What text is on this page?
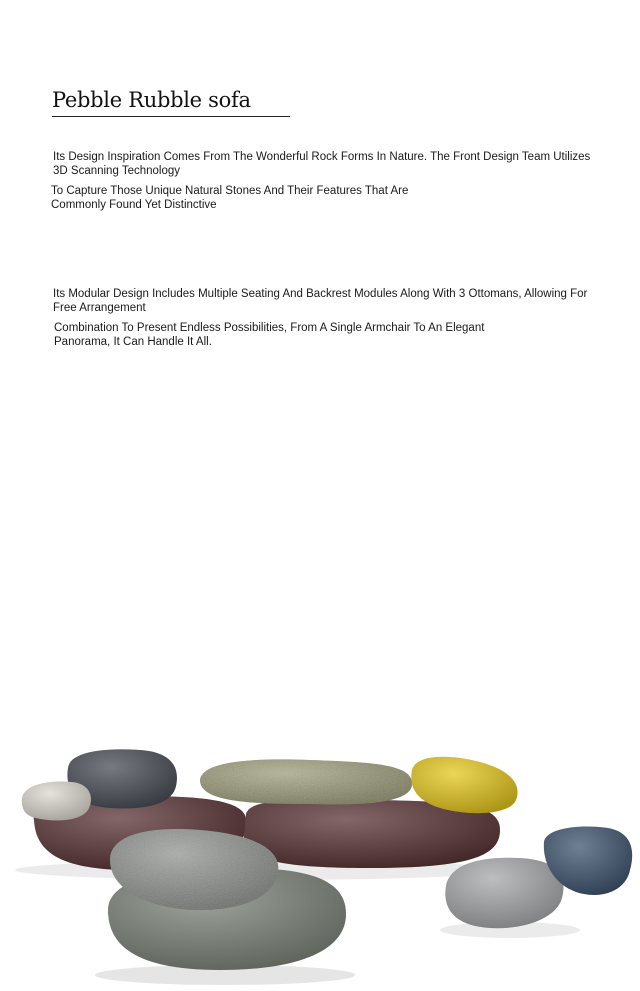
Pebble Rubble sofa

Its Design Inspiration Comes From The Wonderful Rock Forms In Nature. The Front Design Team Utilizes 3D Scanning Technology

To Capture Those Unique Natural Stones And Their Features That Are Commonly Found Yet Distinctive

Its Modular Design Includes Multiple Seating And Backrest Modules Along With 3 Ottomans, Allowing For Free Arrangement

Combination To Present Endless Possibilities, From A Single Armchair To An Elegant Panorama, It Can Handle It All.
